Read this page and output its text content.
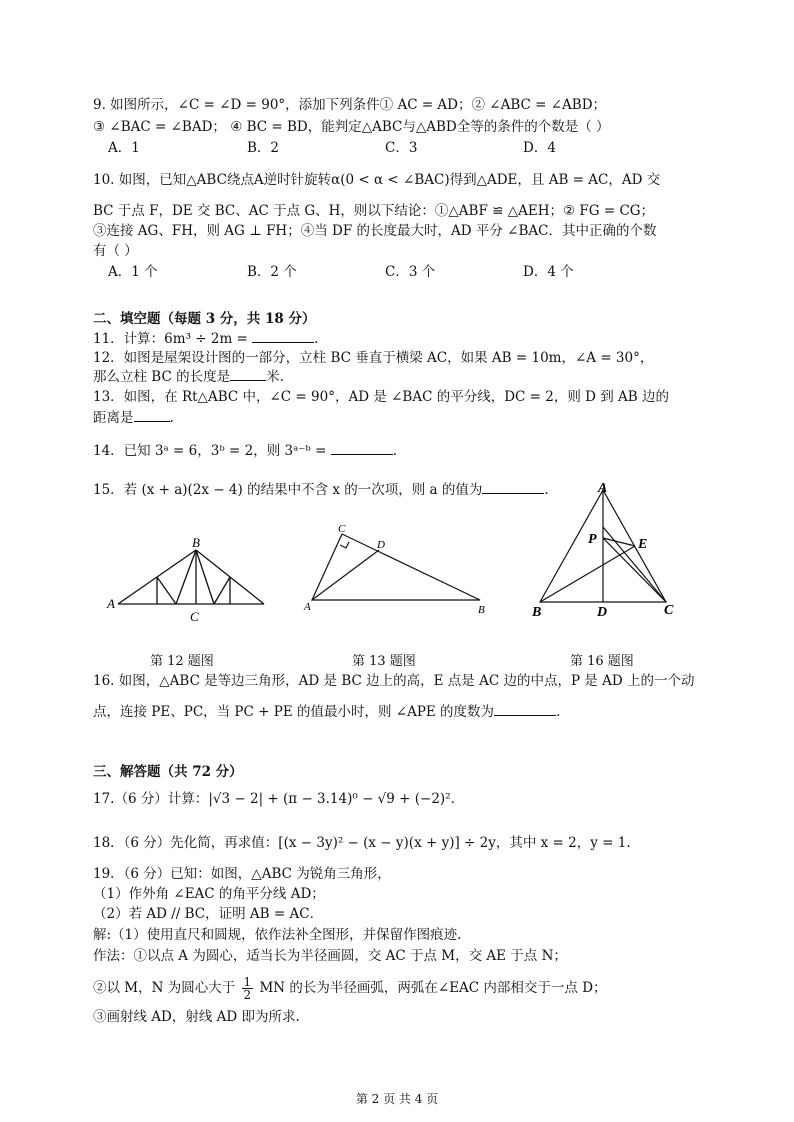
9. 如图所示，∠C = ∠D = 90°，添加下列条件① AC = AD；② ∠ABC = ∠ABD；
③ ∠BAC = ∠BAD； ④ BC = BD，能判定△ABC与△ABD全等的条件的个数是（ ）
A．1	B．2	C．3	D．4
10. 如图，已知△ABC绕点A逆时针旋转α(0 < α < ∠BAC)得到△ADE，且 AB = AC，AD 交
BC 于点 F，DE 交 BC、AC 于点 G、H，则以下结论：①△ABF ≌ △AEH；② FG = CG；
③连接 AG、FH，则 AG ⊥ FH；④当 DF 的长度最大时，AD 平分 ∠BAC．其中正确的个数
有（ ）
A．1 个	B．2 个	C．3 个	D．4 个
二、填空题（每题 3 分，共 18 分）
11．计算：6m³ ÷ 2m =	.
12．如图是屋架设计图的一部分，立柱 BC 垂直于横梁 AC，如果 AB = 10m，∠A = 30°，
那么立柱 BC 的长度是	米.
13．如图，在 Rt△ABC 中，∠C = 90°，AD 是 ∠BAC 的平分线，DC = 2，则 D 到 AB 边的
距离是	.
14．已知 3ᵃ = 6，3ᵇ = 2，则 3ᵃ⁻ᵇ =	.
15．若 (x + a)(2x − 4) 的结果中不含 x 的一次项，则 a 的值为	.
A
B
C
第 12 题图
C
D
A	B
第 13 题图
A
P	E
B	D	C
第 16 题图
16. 如图，△ABC 是等边三角形，AD 是 BC 边上的高，E 点是 AC 边的中点，P 是 AD 上的一个动
点，连接 PE、PC，当 PC + PE 的值最小时，则 ∠APE 的度数为	.
三、解答题（共 72 分）
17.（6 分）计算：|√3 − 2| + (π − 3.14)⁰ − √9 + (−2)²．
18．（6 分）先化简，再求值：[(x − 3y)² − (x − y)(x + y)] ÷ 2y，其中 x = 2，y = 1.
19．（6 分）已知：如图，△ABC 为锐角三角形，
（1）作外角 ∠EAC 的角平分线 AD；
（2）若 AD // BC，证明 AB = AC．
解:（1）使用直尺和圆规，依作法补全图形，并保留作图痕迹.
作法：①以点 A 为圆心，适当长为半径画圆，交 AC 于点 M，交 AE 于点 N；
②以 M，N 为圆心大于 $\frac{1}{2}$ MN 的长为半径画弧，两弧在∠EAC 内部相交于一点 D；
③画射线 AD，射线 AD 即为所求.
第 2 页 共 4 页
